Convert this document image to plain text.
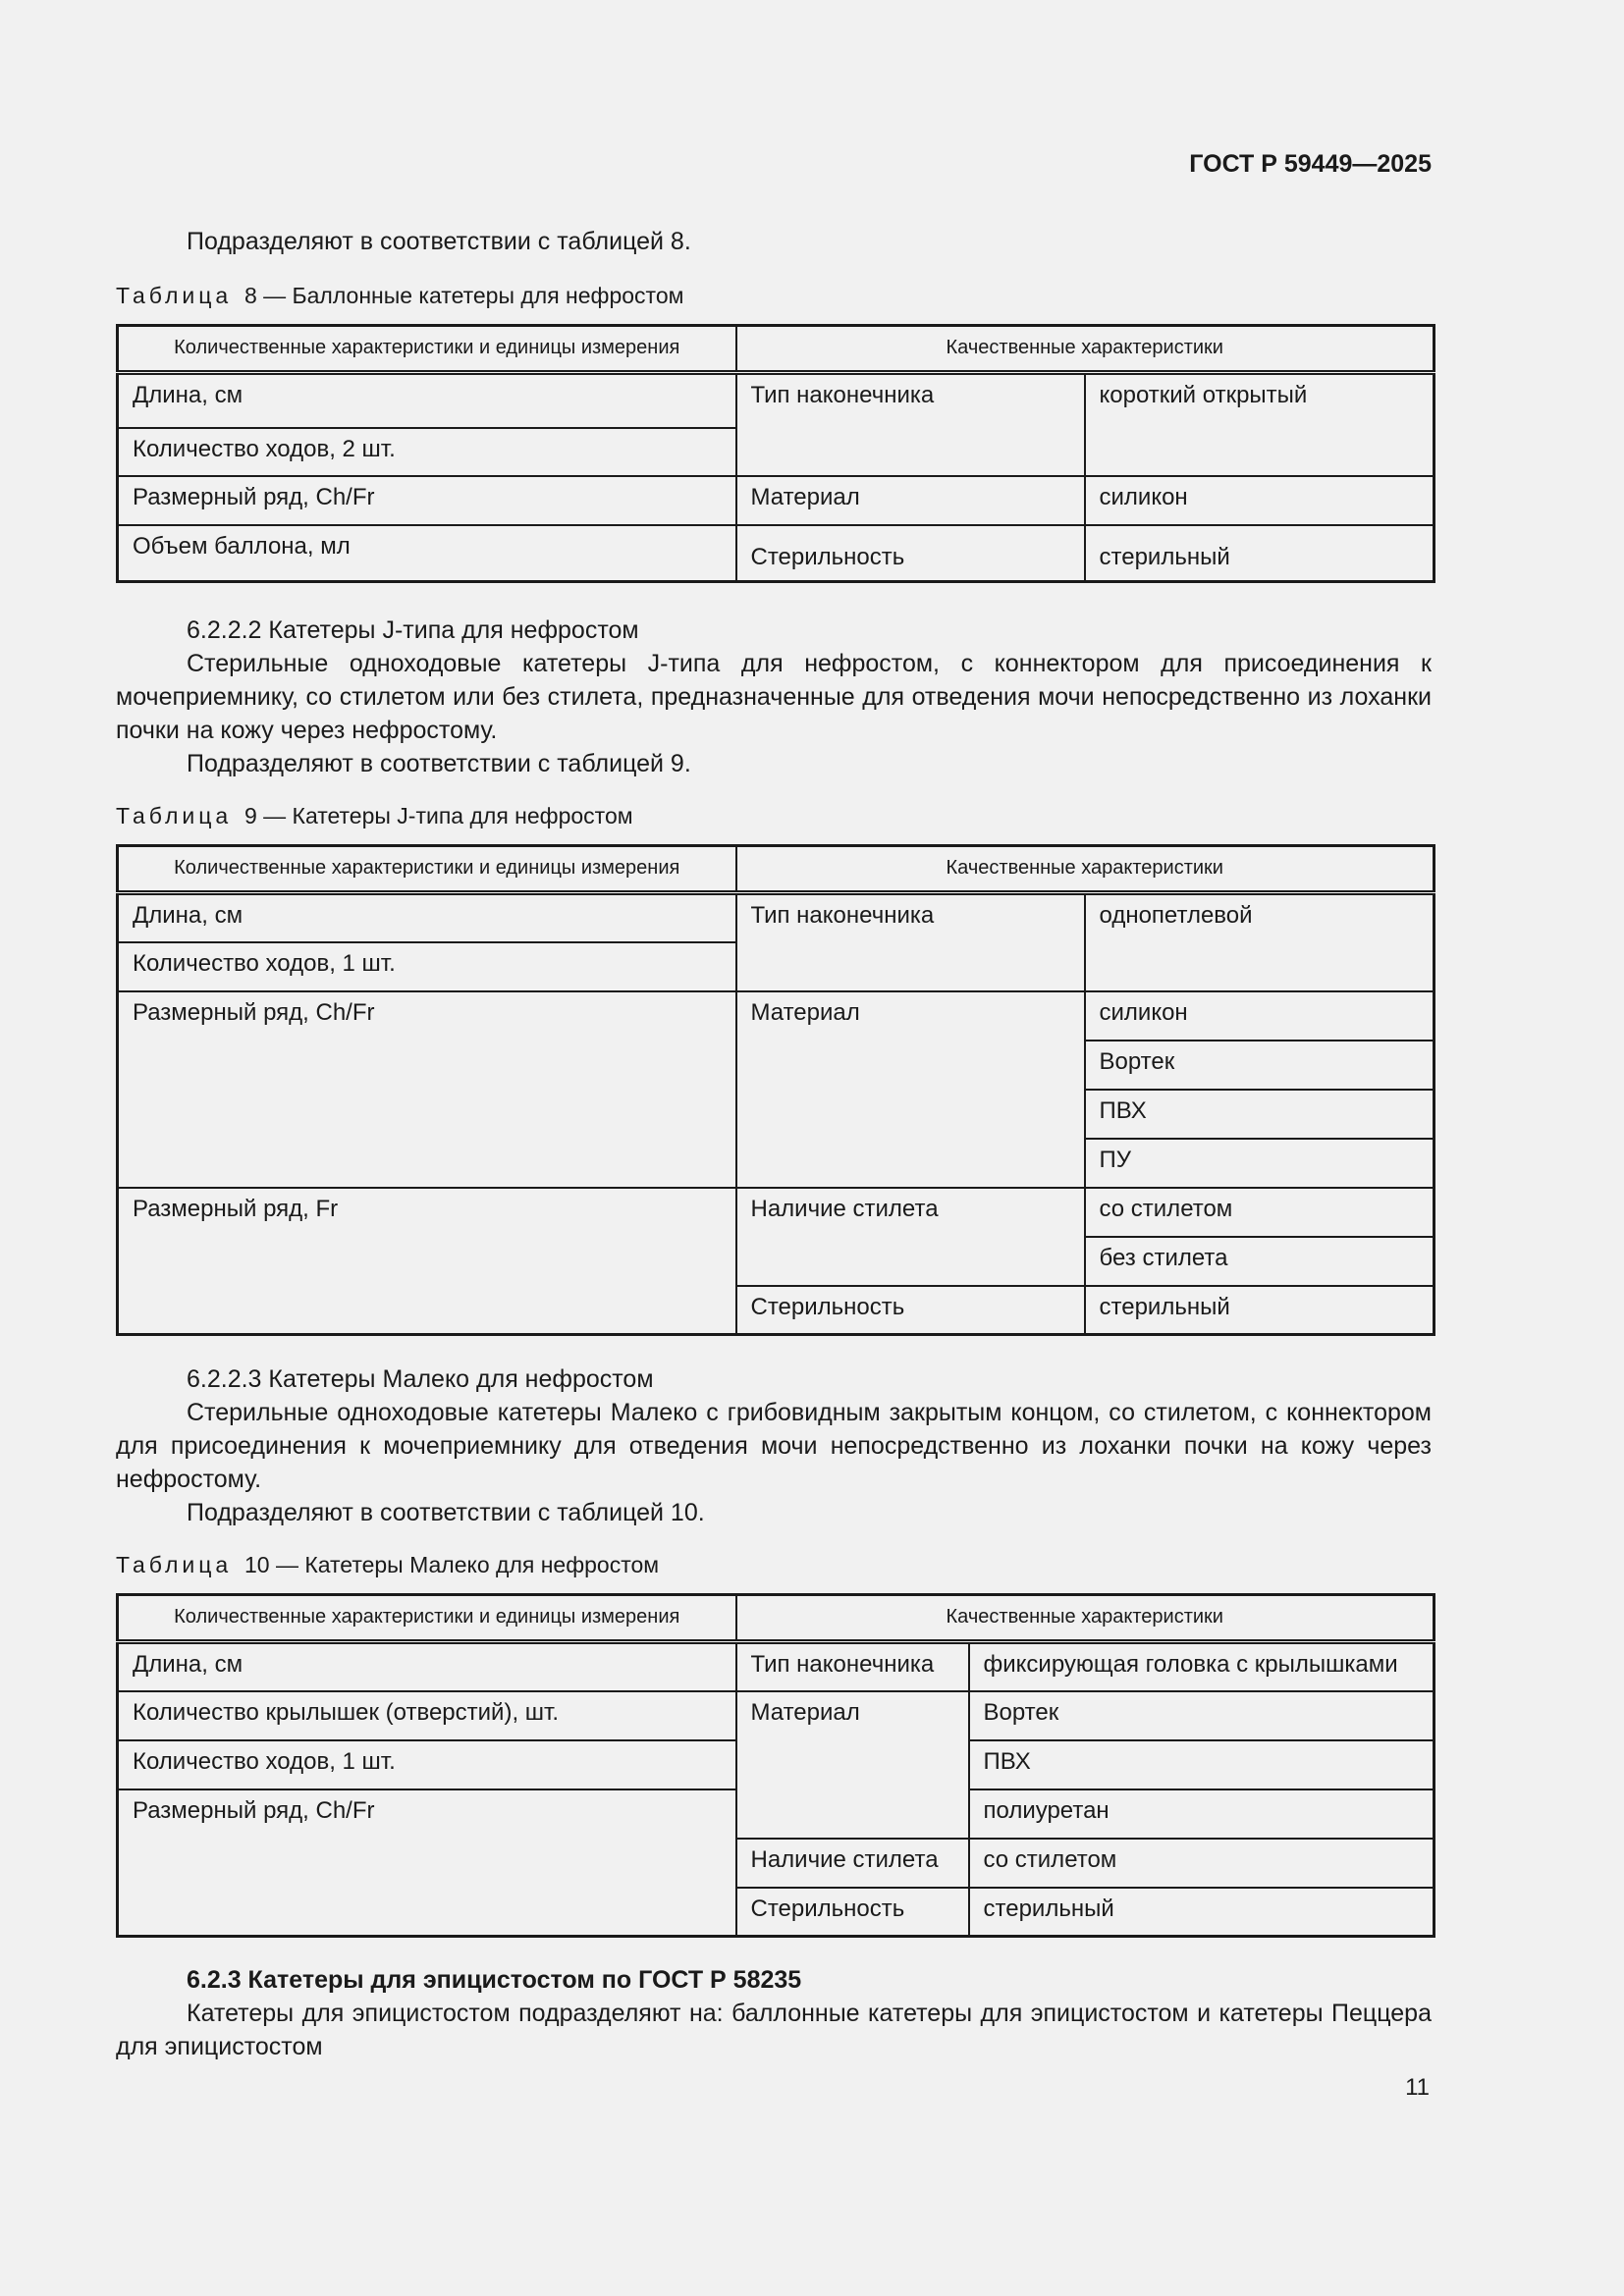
ГОСТ Р 59449—2025
Подразделяют в соответствии с таблицей 8.
Таблица 8 — Баллонные катетеры для нефростом
Количественные характеристики и единицы измерения	Качественные характеристики	
Длина, см	Тип наконечника	короткий открытый
Количество ходов, 2 шт.		
Размерный ряд, Ch/Fr	Материал	силикон
Объем баллона, мл	Стерильность	стерильный
6.2.2.2 Катетеры J-типа для нефростом
Стерильные одноходовые катетеры J-типа для нефростом, с коннектором для присоединения к мочеприемнику, со стилетом или без стилета, предназначенные для отведения мочи непосредственно из лоханки почки на кожу через нефростому.
Подразделяют в соответствии с таблицей 9.
Таблица 9 — Катетеры J-типа для нефростом
Количественные характеристики и единицы измерения	Качественные характеристики	
Длина, см	Тип наконечника	однопетлевой
Количество ходов, 1 шт.		
Размерный ряд, Ch/Fr	Материал	силикон
		Вортек
		ПВХ
		ПУ
Размерный ряд, Fr	Наличие стилета	со стилетом
		без стилета
	Стерильность	стерильный
6.2.2.3 Катетеры Малеко для нефростом
Стерильные одноходовые катетеры Малеко с грибовидным закрытым концом, со стилетом, с коннектором для присоединения к мочеприемнику для отведения мочи непосредственно из лоханки почки на кожу через нефростому.
Подразделяют в соответствии с таблицей 10.
Таблица 10 — Катетеры Малеко для нефростом
Количественные характеристики и единицы измерения	Качественные характеристики	
Длина, см	Тип наконечника	фиксирующая головка с крылышками
Количество крылышек (отверстий), шт.	Материал	Вортек
Количество ходов, 1 шт.		ПВХ
Размерный ряд, Ch/Fr		полиуретан
	Наличие стилета	со стилетом
	Стерильность	стерильный
6.2.3 Катетеры для эпицистостом по ГОСТ Р 58235
Катетеры для эпицистостом подразделяют на: баллонные катетеры для эпицистостом и катетеры Пеццера для эпицистостом
11
